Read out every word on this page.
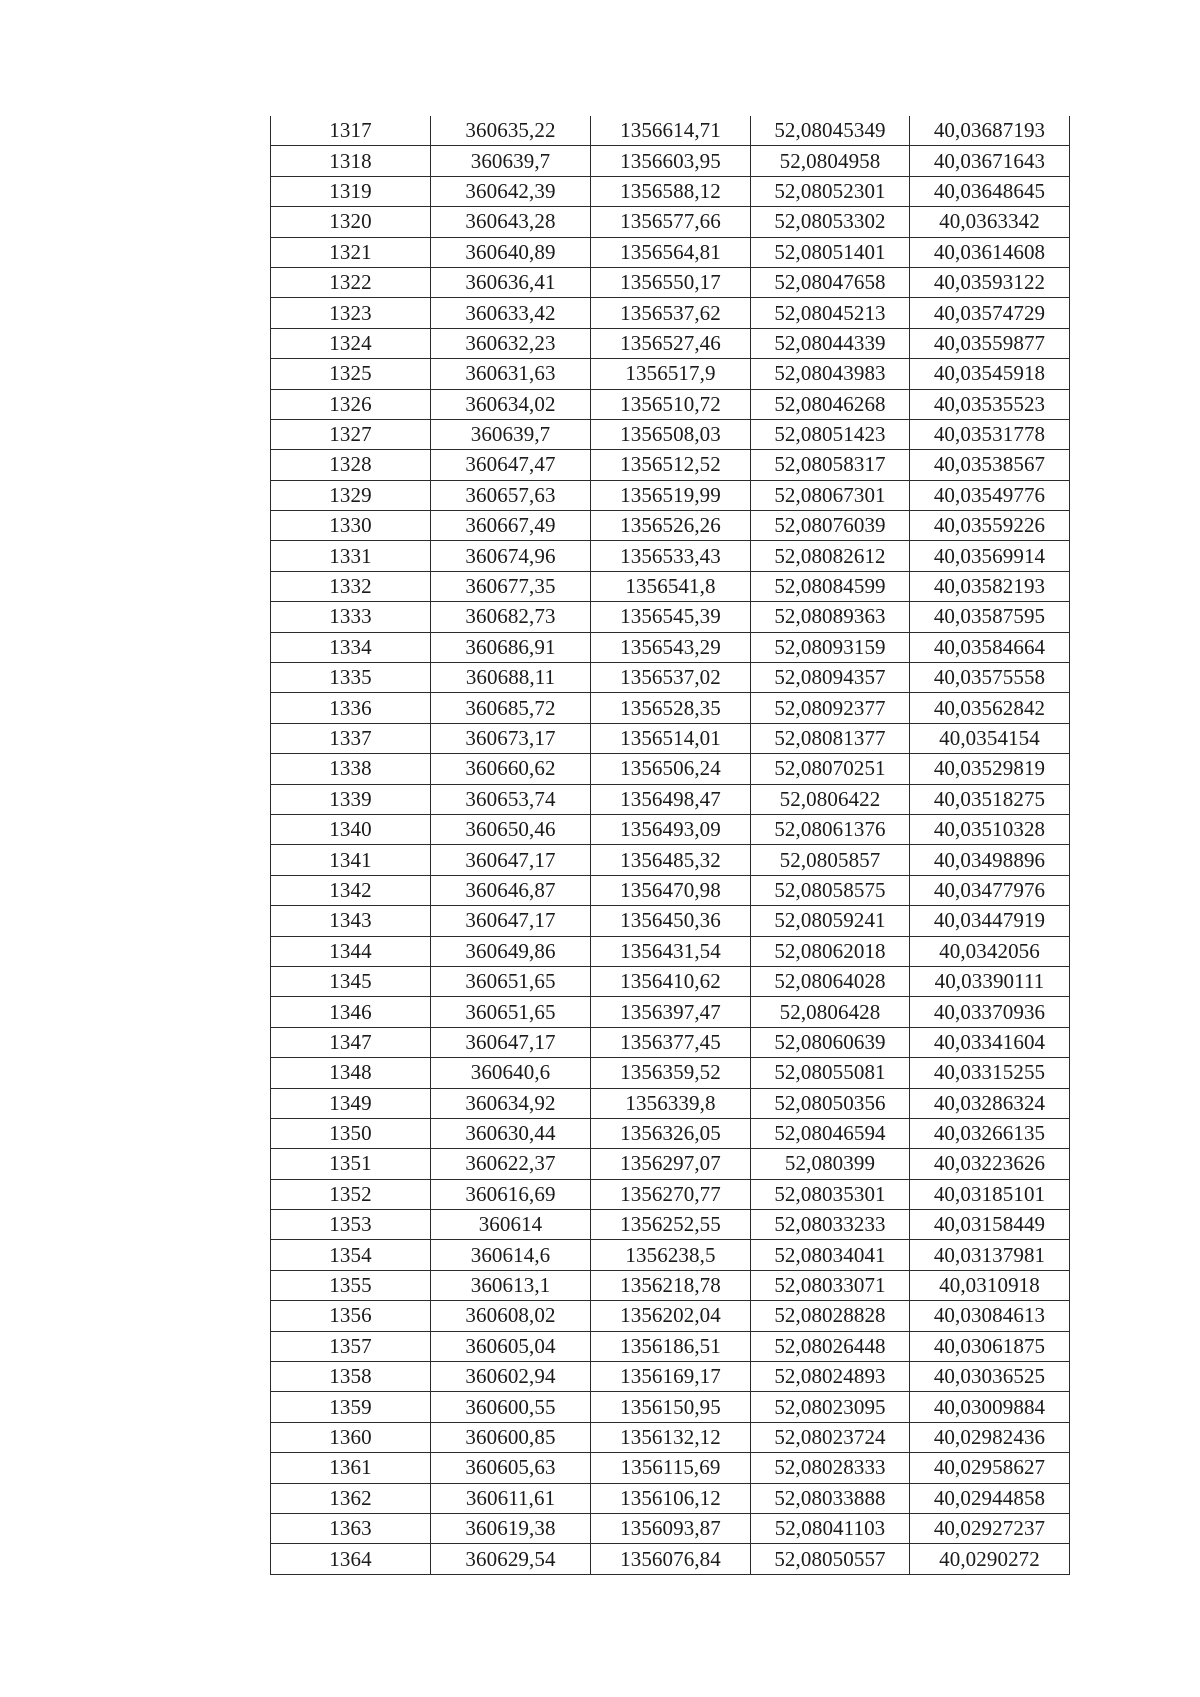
1317	360635,22	1356614,71	52,08045349	40,03687193
1318	360639,7	1356603,95	52,0804958	40,03671643
1319	360642,39	1356588,12	52,08052301	40,03648645
1320	360643,28	1356577,66	52,08053302	40,0363342
1321	360640,89	1356564,81	52,08051401	40,03614608
1322	360636,41	1356550,17	52,08047658	40,03593122
1323	360633,42	1356537,62	52,08045213	40,03574729
1324	360632,23	1356527,46	52,08044339	40,03559877
1325	360631,63	1356517,9	52,08043983	40,03545918
1326	360634,02	1356510,72	52,08046268	40,03535523
1327	360639,7	1356508,03	52,08051423	40,03531778
1328	360647,47	1356512,52	52,08058317	40,03538567
1329	360657,63	1356519,99	52,08067301	40,03549776
1330	360667,49	1356526,26	52,08076039	40,03559226
1331	360674,96	1356533,43	52,08082612	40,03569914
1332	360677,35	1356541,8	52,08084599	40,03582193
1333	360682,73	1356545,39	52,08089363	40,03587595
1334	360686,91	1356543,29	52,08093159	40,03584664
1335	360688,11	1356537,02	52,08094357	40,03575558
1336	360685,72	1356528,35	52,08092377	40,03562842
1337	360673,17	1356514,01	52,08081377	40,0354154
1338	360660,62	1356506,24	52,08070251	40,03529819
1339	360653,74	1356498,47	52,0806422	40,03518275
1340	360650,46	1356493,09	52,08061376	40,03510328
1341	360647,17	1356485,32	52,0805857	40,03498896
1342	360646,87	1356470,98	52,08058575	40,03477976
1343	360647,17	1356450,36	52,08059241	40,03447919
1344	360649,86	1356431,54	52,08062018	40,0342056
1345	360651,65	1356410,62	52,08064028	40,03390111
1346	360651,65	1356397,47	52,0806428	40,03370936
1347	360647,17	1356377,45	52,08060639	40,03341604
1348	360640,6	1356359,52	52,08055081	40,03315255
1349	360634,92	1356339,8	52,08050356	40,03286324
1350	360630,44	1356326,05	52,08046594	40,03266135
1351	360622,37	1356297,07	52,080399	40,03223626
1352	360616,69	1356270,77	52,08035301	40,03185101
1353	360614	1356252,55	52,08033233	40,03158449
1354	360614,6	1356238,5	52,08034041	40,03137981
1355	360613,1	1356218,78	52,08033071	40,0310918
1356	360608,02	1356202,04	52,08028828	40,03084613
1357	360605,04	1356186,51	52,08026448	40,03061875
1358	360602,94	1356169,17	52,08024893	40,03036525
1359	360600,55	1356150,95	52,08023095	40,03009884
1360	360600,85	1356132,12	52,08023724	40,02982436
1361	360605,63	1356115,69	52,08028333	40,02958627
1362	360611,61	1356106,12	52,08033888	40,02944858
1363	360619,38	1356093,87	52,08041103	40,02927237
1364	360629,54	1356076,84	52,08050557	40,0290272
